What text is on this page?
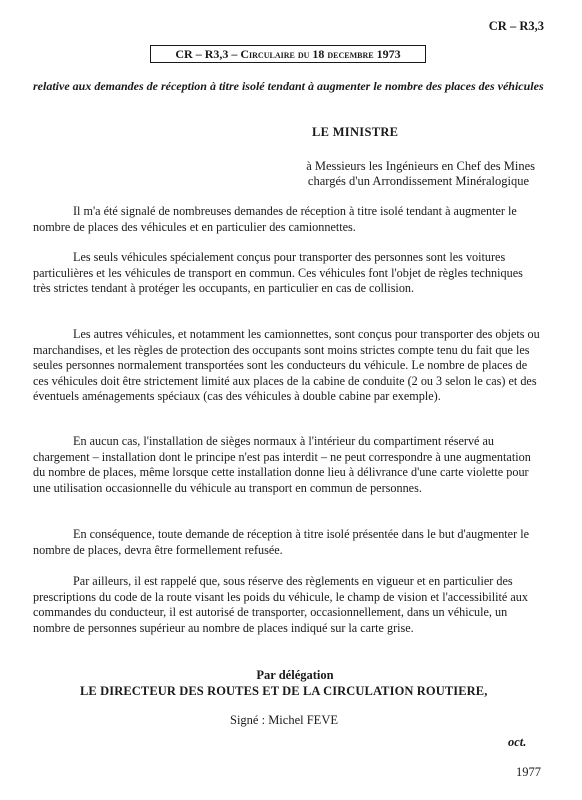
CR – R3,3
CR – R3,3 – Circulaire du 18 decembre 1973
relative aux demandes de réception à titre isolé tendant à augmenter le nombre des places des véhicules
LE MINISTRE
à Messieurs les Ingénieurs en Chef des Mines
chargés d'un Arrondissement Minéralogique

Il m'a été signalé de nombreuses demandes de réception à titre isolé tendant à augmenter le nombre de places des véhicules et en particulier des camionnettes.

Les seuls véhicules spécialement conçus pour transporter des personnes sont les voitures particulières et les véhicules de transport en commun. Ces véhicules font l'objet de règles techniques très strictes tendant à protéger les occupants, en particulier en cas de collision.

Les autres véhicules, et notamment les camionnettes, sont conçus pour transporter des objets ou marchandises, et les règles de protection des occupants sont moins strictes compte tenu du fait que les seules personnes normalement transportées sont les conducteurs du véhicule. Le nombre de places de ces véhicules doit être strictement limité aux places de la cabine de conduite (2 ou 3 selon le cas) et des éventuels aménagements spéciaux (cas des véhicules à double cabine par exemple).

En aucun cas, l'installation de sièges normaux à l'intérieur du compartiment réservé au chargement – installation dont le principe n'est pas interdit – ne peut correspondre à une augmentation du nombre de places, même lorsque cette installation donne lieu à délivrance d'une carte violette pour une utilisation occasionnelle du véhicule au transport en commun de personnes.

En conséquence, toute demande de réception à titre isolé présentée dans le but d'augmenter le nombre de places, devra être formellement refusée.

Par ailleurs, il est rappelé que, sous réserve des règlements en vigueur et en particulier des prescriptions du code de la route visant les poids du véhicule, le champ de vision et l'accessibilité aux commandes du conducteur, il est autorisé de transporter, occasionnellement, dans un véhicule, un nombre de personnes supérieur au nombre de places indiqué sur la carte grise.

Par délégation
LE DIRECTEUR DES ROUTES ET DE LA CIRCULATION ROUTIERE,
Signé : Michel FEVE
oct.
1977
